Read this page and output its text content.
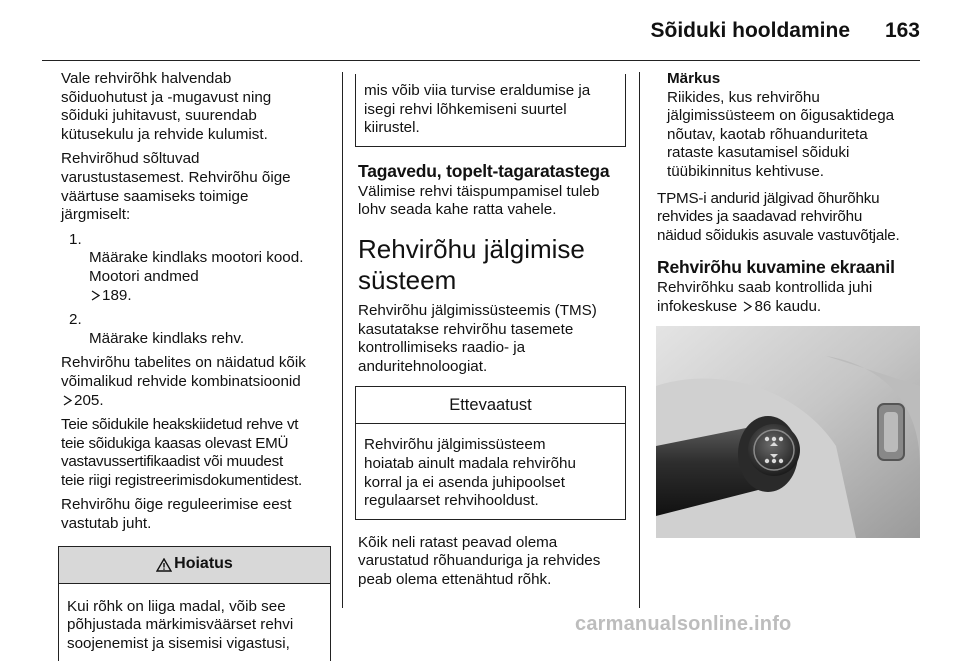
Sõiduki hooldamine 163

Vale rehvirõhk halvendab
sõiduohutust ja -mugavust ning
sõiduki juhitavust, suurendab
kütusekulu ja rehvide kulumist.

Rehvirõhud sõltuvad
varustustasemest. Rehvirõhu õige
väärtuse saamiseks toimige
järgmiselt:

1.
Määrake kindlaks mootori kood.
Mootori andmed
189.

2.
Määrake kindlaks rehv.

Rehvirõhu tabelites on näidatud kõik
võimalikud rehvide kombinatsioonid
205.

Teie sõidukile heakskiidetud rehve vt
teie sõidukiga kaasas olevast EMÜ
vastavussertifikaadist või muudest
teie riigi registreerimisdokumentidest.

Rehvirõhu õige reguleerimise eest
vastutab juht.

Hoiatus
Kui rõhk on liiga madal, võib see
põhjustada märkimisväärset rehvi
soojenemist ja sisemisi vigastusi,
mis võib viia turvise eraldumise ja
isegi rehvi lõhkemiseni suurtel
kiirustel.
Tagavedu, topelt-tagaratastega

Välimise rehvi täispumpamisel tuleb
lohv seada kahe ratta vahele.

Rehvirõhu jälgimise
süsteem

Rehvirõhu jälgimissüsteemis (TMS)
kasutatakse rehvirõhu tasemete
kontrollimiseks raadio- ja
anduritehnoloogiat.

Ettevaatust
Rehvirõhu jälgimissüsteem
hoiatab ainult madala rehvirõhu
korral ja ei asenda juhipoolset
regulaarset rehvihooldust.

Kõik neli ratast peavad olema
varustatud rõhuanduriga ja rehvides
peab olema ettenähtud rõhk.

Märkus
Riikides, kus rehvirõhu
jälgimissüsteem on õigusaktidega
nõutav, kaotab rõhuanduriteta
rataste kasutamisel sõiduki
tüübikinnitus kehtivuse.

TPMS-i andurid jälgivad õhurõhku
rehvides ja saadavad rehvirõhu
näidud sõidukis asuvale vastuvõtjale.

Rehvirõhu kuvamine ekraanil

Rehvirõhku saab kontrollida juhi
infokeskuse 86 kaudu.

carmanualsonline.info
